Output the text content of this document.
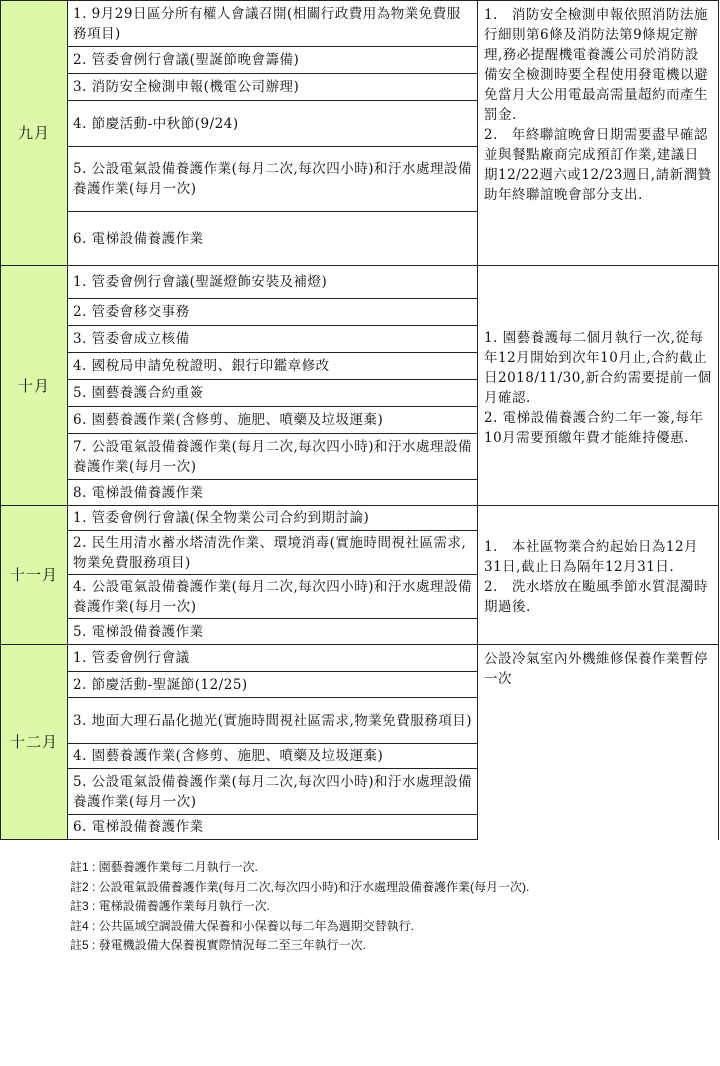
九月	1. 9月29日區分所有權人會議召開(相關行政費用為物業免費服務項目)	1.　消防安全檢測申報依照消防法施行細則第6條及消防法第9條規定辦理,務必提醒機電養護公司於消防設備安全檢測時要全程使用發電機以避免當月大公用電最高需量超約而產生罰金.
2.　年終聯誼晚會日期需要盡早確認並與餐點廠商完成預訂作業,建議日期12/22週六或12/23週日,請新潤贊助年終聯誼晚會部分支出.

	2. 管委會例行會議(聖誕節晚會籌備)	
	3. 消防安全檢測申報(機電公司辦理)	
	4. 節慶活動-中秋節(9/24)	
	5. 公設電氣設備養護作業(每月二次,每次四小時)和汙水處理設備養護作業(每月一次)	
	6. 電梯設備養護作業	
十月	1. 管委會例行會議(聖誕燈飾安裝及補燈)	1. 園藝養護每二個月執行一次,從每年12月開始到次年10月止,合約截止日2018/11/30,新合約需要提前一個月確認.
2. 電梯設備養護合約二年一簽,每年10月需要預繳年費才能維持優惠.

	2. 管委會移交事務	
	3. 管委會成立核備	
	4. 國稅局申請免稅證明、銀行印鑑章修改	
	5. 園藝養護合約重簽	
	6. 園藝養護作業(含修剪、施肥、噴藥及垃圾運棄)	
	7. 公設電氣設備養護作業(每月二次,每次四小時)和汙水處理設備養護作業(每月一次)	
	8. 電梯設備養護作業	
十一月	1. 管委會例行會議(保全物業公司合約到期討論)	1.　本社區物業合約起始日為12月31日,截止日為隔年12月31日.
2.　洗水塔放在颱風季節水質混濁時期過後.

	2. 民生用清水蓄水塔清洗作業、環境消毒(實施時間視社區需求,物業免費服務項目)	
	4. 公設電氣設備養護作業(每月二次,每次四小時)和汙水處理設備養護作業(每月一次)	
	5. 電梯設備養護作業	
十二月	1. 管委會例行會議	公設冷氣室內外機維修保養作業暫停一次

	2. 節慶活動-聖誕節(12/25)	
	3. 地面大理石晶化拋光(實施時間視社區需求,物業免費服務項目)	
	4. 園藝養護作業(含修剪、施肥、噴藥及垃圾運棄)	
	5. 公設電氣設備養護作業(每月二次,每次四小時)和汙水處理設備養護作業(每月一次)	
	6. 電梯設備養護作業	
註1 : 園藝養護作業每二月執行一次.
註2 : 公設電氣設備養護作業(每月二次,每次四小時)和汙水處理設備養護作業(每月一次).
註3 : 電梯設備養護作業每月執行一次.
註4 : 公共區域空調設備大保養和小保養以每二年為週期交替執行.
註5 : 發電機設備大保養視實際情況每二至三年執行一次.
